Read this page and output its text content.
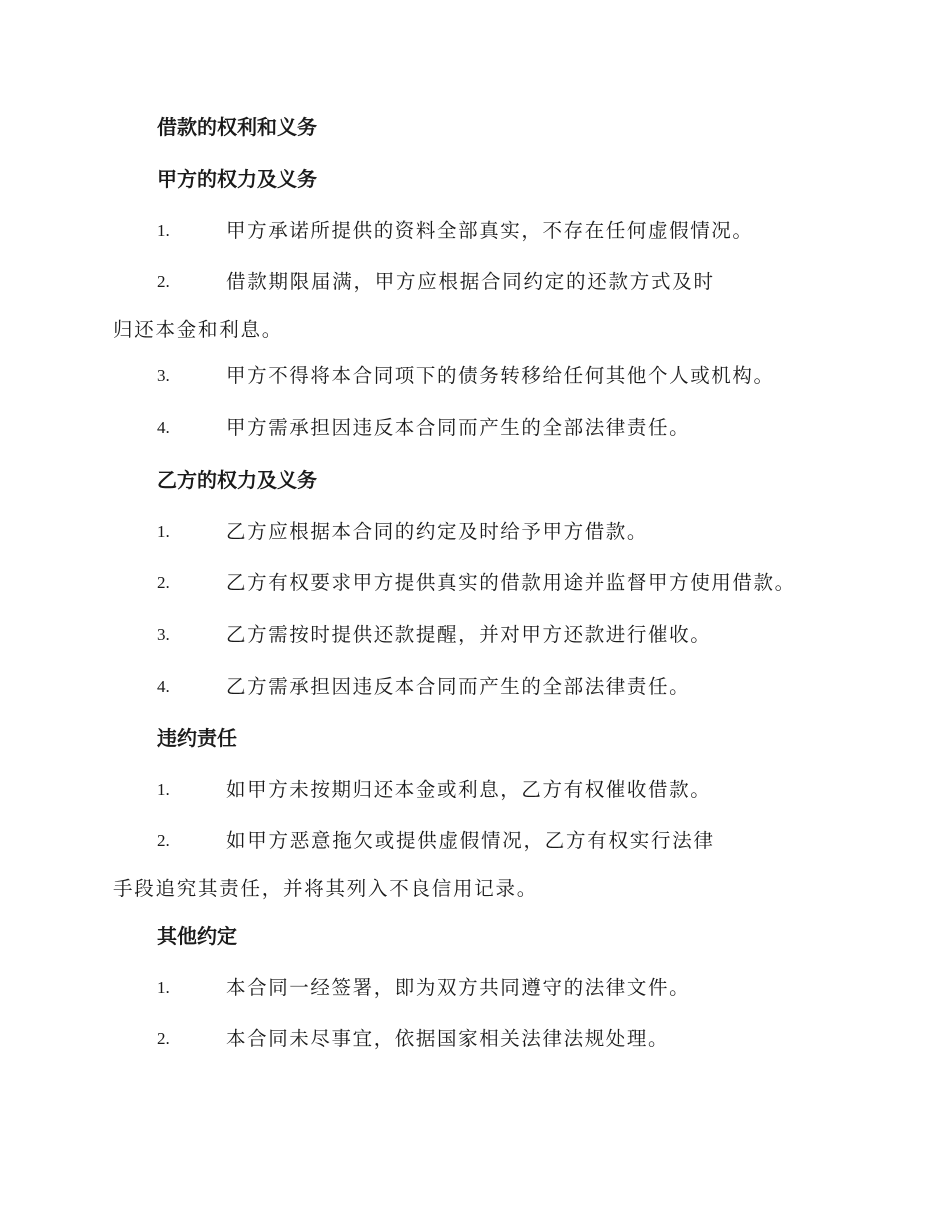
借款的权利和义务
甲方的权力及义务
1.	甲方承诺所提供的资料全部真实，不存在任何虚假情况。
2.	借款期限届满，甲方应根据合同约定的还款方式及时归还本金和利息。
3.	甲方不得将本合同项下的债务转移给任何其他个人或机构。
4.	甲方需承担因违反本合同而产生的全部法律责任。
乙方的权力及义务
1.	乙方应根据本合同的约定及时给予甲方借款。
2.	乙方有权要求甲方提供真实的借款用途并监督甲方使用借款。
3.	乙方需按时提供还款提醒，并对甲方还款进行催收。
4.	乙方需承担因违反本合同而产生的全部法律责任。
违约责任
1.	如甲方未按期归还本金或利息，乙方有权催收借款。
2.	如甲方恶意拖欠或提供虚假情况，乙方有权实行法律手段追究其责任，并将其列入不良信用记录。
其他约定
1.	本合同一经签署，即为双方共同遵守的法律文件。
2.	本合同未尽事宜，依据国家相关法律法规处理。
